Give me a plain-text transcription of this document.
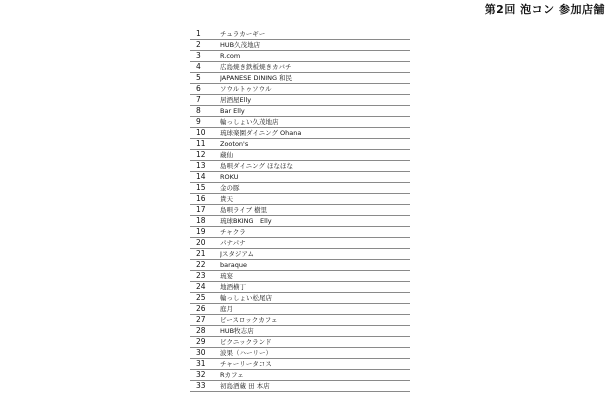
第2回 泡コン 参加店舗
1	チュラカーギー
2	HUB久茂地店
3	R.com
4	広島焼き鉄板焼きカバチ
5	JAPANESE DINING 和民
6	ソウルトゥソウル
7	居酒屋Elly
8	Bar Elly
9	輪っしょい久茂地店
10	琉球楽園ダイニング Ohana
11	Zooton's
12	蔵仙
13	島唄ダイニング ほなほな
14	ROKU
15	金の豚
16	貴天
17	島唄ライブ 樹里
18	琉球BKING　Elly
19	チャクラ
20	パナパナ
21	Jスタジアム
22	baraque
23	琉宴
24	地酒横丁
25	輪っしょい松尾店
26	庭月
27	ピースロックカフェ
28	HUB牧志店
29	ピクニックランド
30	波果（ハーリー）
31	チャーリータコス
32	Rカフェ
33	初島酒蔵 田 本店
